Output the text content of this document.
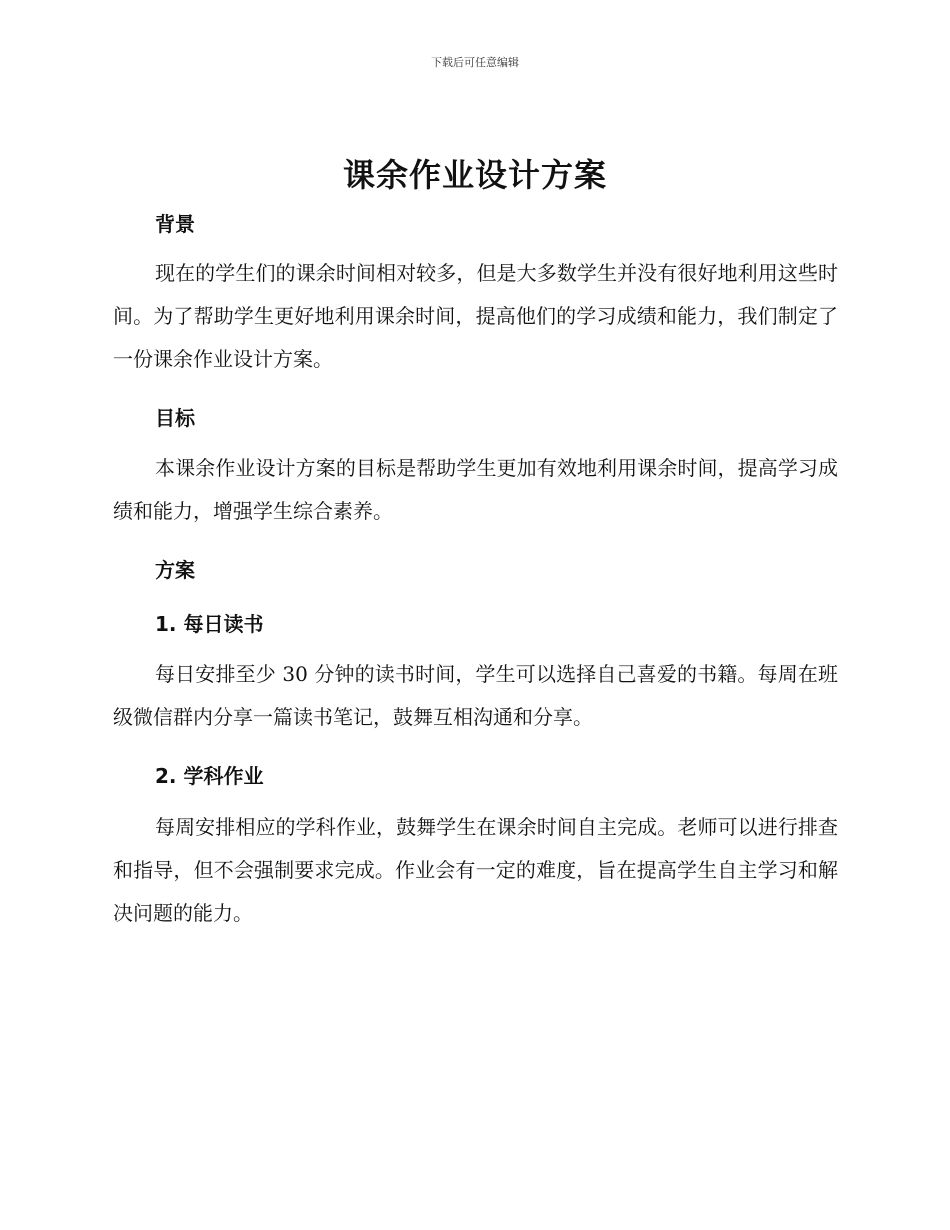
下载后可任意编辑
课余作业设计方案
背景

现在的学生们的课余时间相对较多，但是大多数学生并没有很好地利用这些时间。为了帮助学生更好地利用课余时间，提高他们的学习成绩和能力，我们制定了一份课余作业设计方案。

目标

本课余作业设计方案的目标是帮助学生更加有效地利用课余时间，提高学习成绩和能力，增强学生综合素养。

方案
1. 每日读书

每日安排至少 30 分钟的读书时间，学生可以选择自己喜爱的书籍。每周在班级微信群内分享一篇读书笔记，鼓舞互相沟通和分享。

2. 学科作业

每周安排相应的学科作业，鼓舞学生在课余时间自主完成。老师可以进行排查和指导，但不会强制要求完成。作业会有一定的难度，旨在提高学生自主学习和解决问题的能力。
